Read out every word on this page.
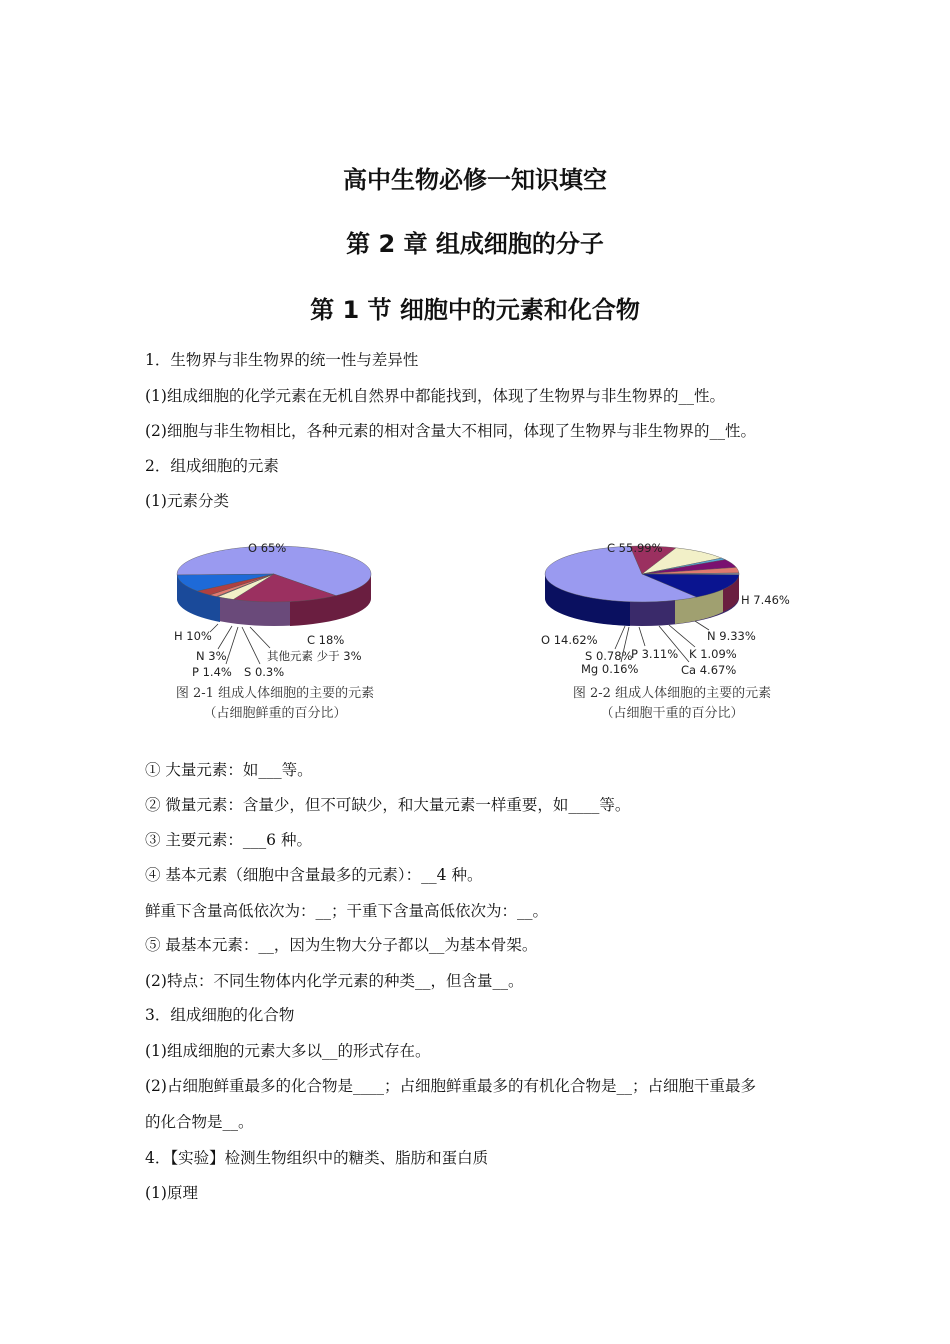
高中生物必修一知识填空
第 2 章 组成细胞的分子
第 1 节 细胞中的元素和化合物
1．生物界与非生物界的统一性与差异性
(1)组成细胞的化学元素在无机自然界中都能找到，体现了生物界与非生物界的__性。
(2)细胞与非生物相比，各种元素的相对含量大不相同，体现了生物界与非生物界的__性。
2．组成细胞的元素
(1)元素分类
O 65%
C 18%
其他元素 少于 3%
S 0.3%
P 1.4%
N 3%
H 10%
图 2-1 组成人体细胞的主要的元素
（占细胞鲜重的百分比）
C 55.99%
H 7.46%
N 9.33%
K 1.09%
Ca 4.67%
P 3.11%
Mg 0.16%
S 0.78%
O 14.62%
图 2-2 组成人体细胞的主要的元素
（占细胞干重的百分比）
① 大量元素：如___等。
② 微量元素：含量少，但不可缺少，和大量元素一样重要，如____等。
③ 主要元素：___6 种。
④ 基本元素（细胞中含量最多的元素）：__4 种。
鲜重下含量高低依次为：__；干重下含量高低依次为：__。
⑤ 最基本元素：__，因为生物大分子都以__为基本骨架。
(2)特点：不同生物体内化学元素的种类__，但含量__。
3．组成细胞的化合物
(1)组成细胞的元素大多以__的形式存在。
(2)占细胞鲜重最多的化合物是____；占细胞鲜重最多的有机化合物是__；占细胞干重最多
的化合物是__。
4．【实验】检测生物组织中的糖类、脂肪和蛋白质
(1)原理
